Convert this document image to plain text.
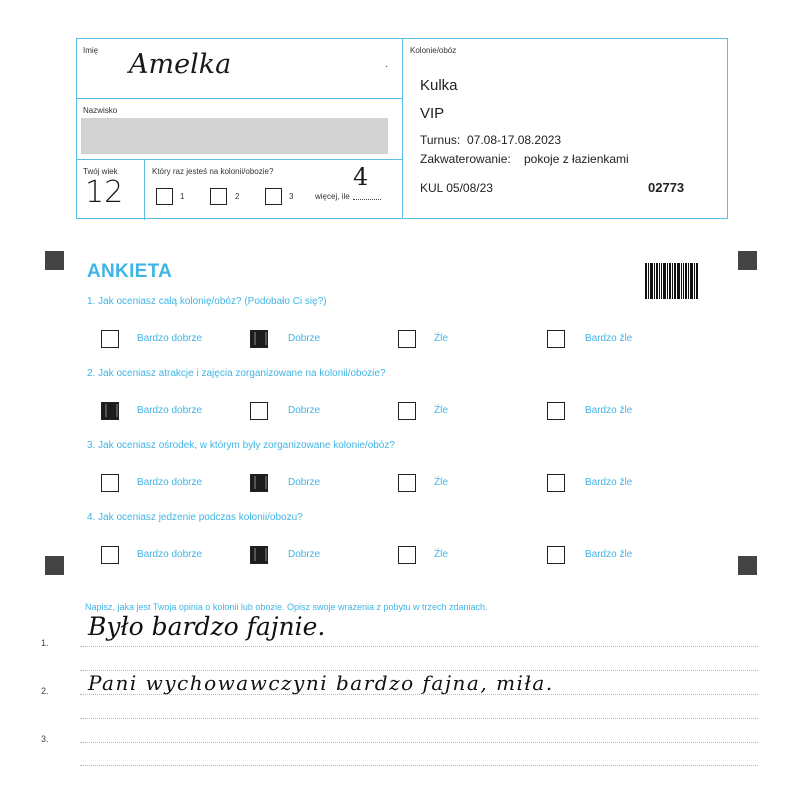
Imię Amelka	·
Nazwisko
Twój wiek
12
Który raz jesteś na kolonii/obozie?
1	2	3	więcej, ile
4
Kolonie/obóz
Kulka
VIP
Turnus: 07.08-17.08.2023
Zakwaterowanie: pokoje z łazienkami
KUL 05/08/23	02773
ANKIETA
1. Jak oceniasz całą kolonię/obóz? (Podobało Ci się?)
Bardzo dobrze	Dobrze	Źle	Bardzo źle
2. Jak oceniasz atrakcje i zajęcia zorganizowane na kolonii/obozie?
Bardzo dobrze	Dobrze	Źle	Bardzo źle
3. Jak oceniasz ośrodek, w którym były zorganizowane kolonie/obóz?
Bardzo dobrze	Dobrze	Źle	Bardzo źle
4. Jak oceniasz jedzenie podczas kolonii/obozu?
Bardzo dobrze	Dobrze	Źle	Bardzo źle
Napisz, jaka jest Twoja opinia o kolonii lub obozie. Opisz swoje wrażenia z pobytu w trzech zdaniach.
1.
2.
3.
Było bardzo fajnie.
Pani wychowawczyni bardzo fajna, miła.
